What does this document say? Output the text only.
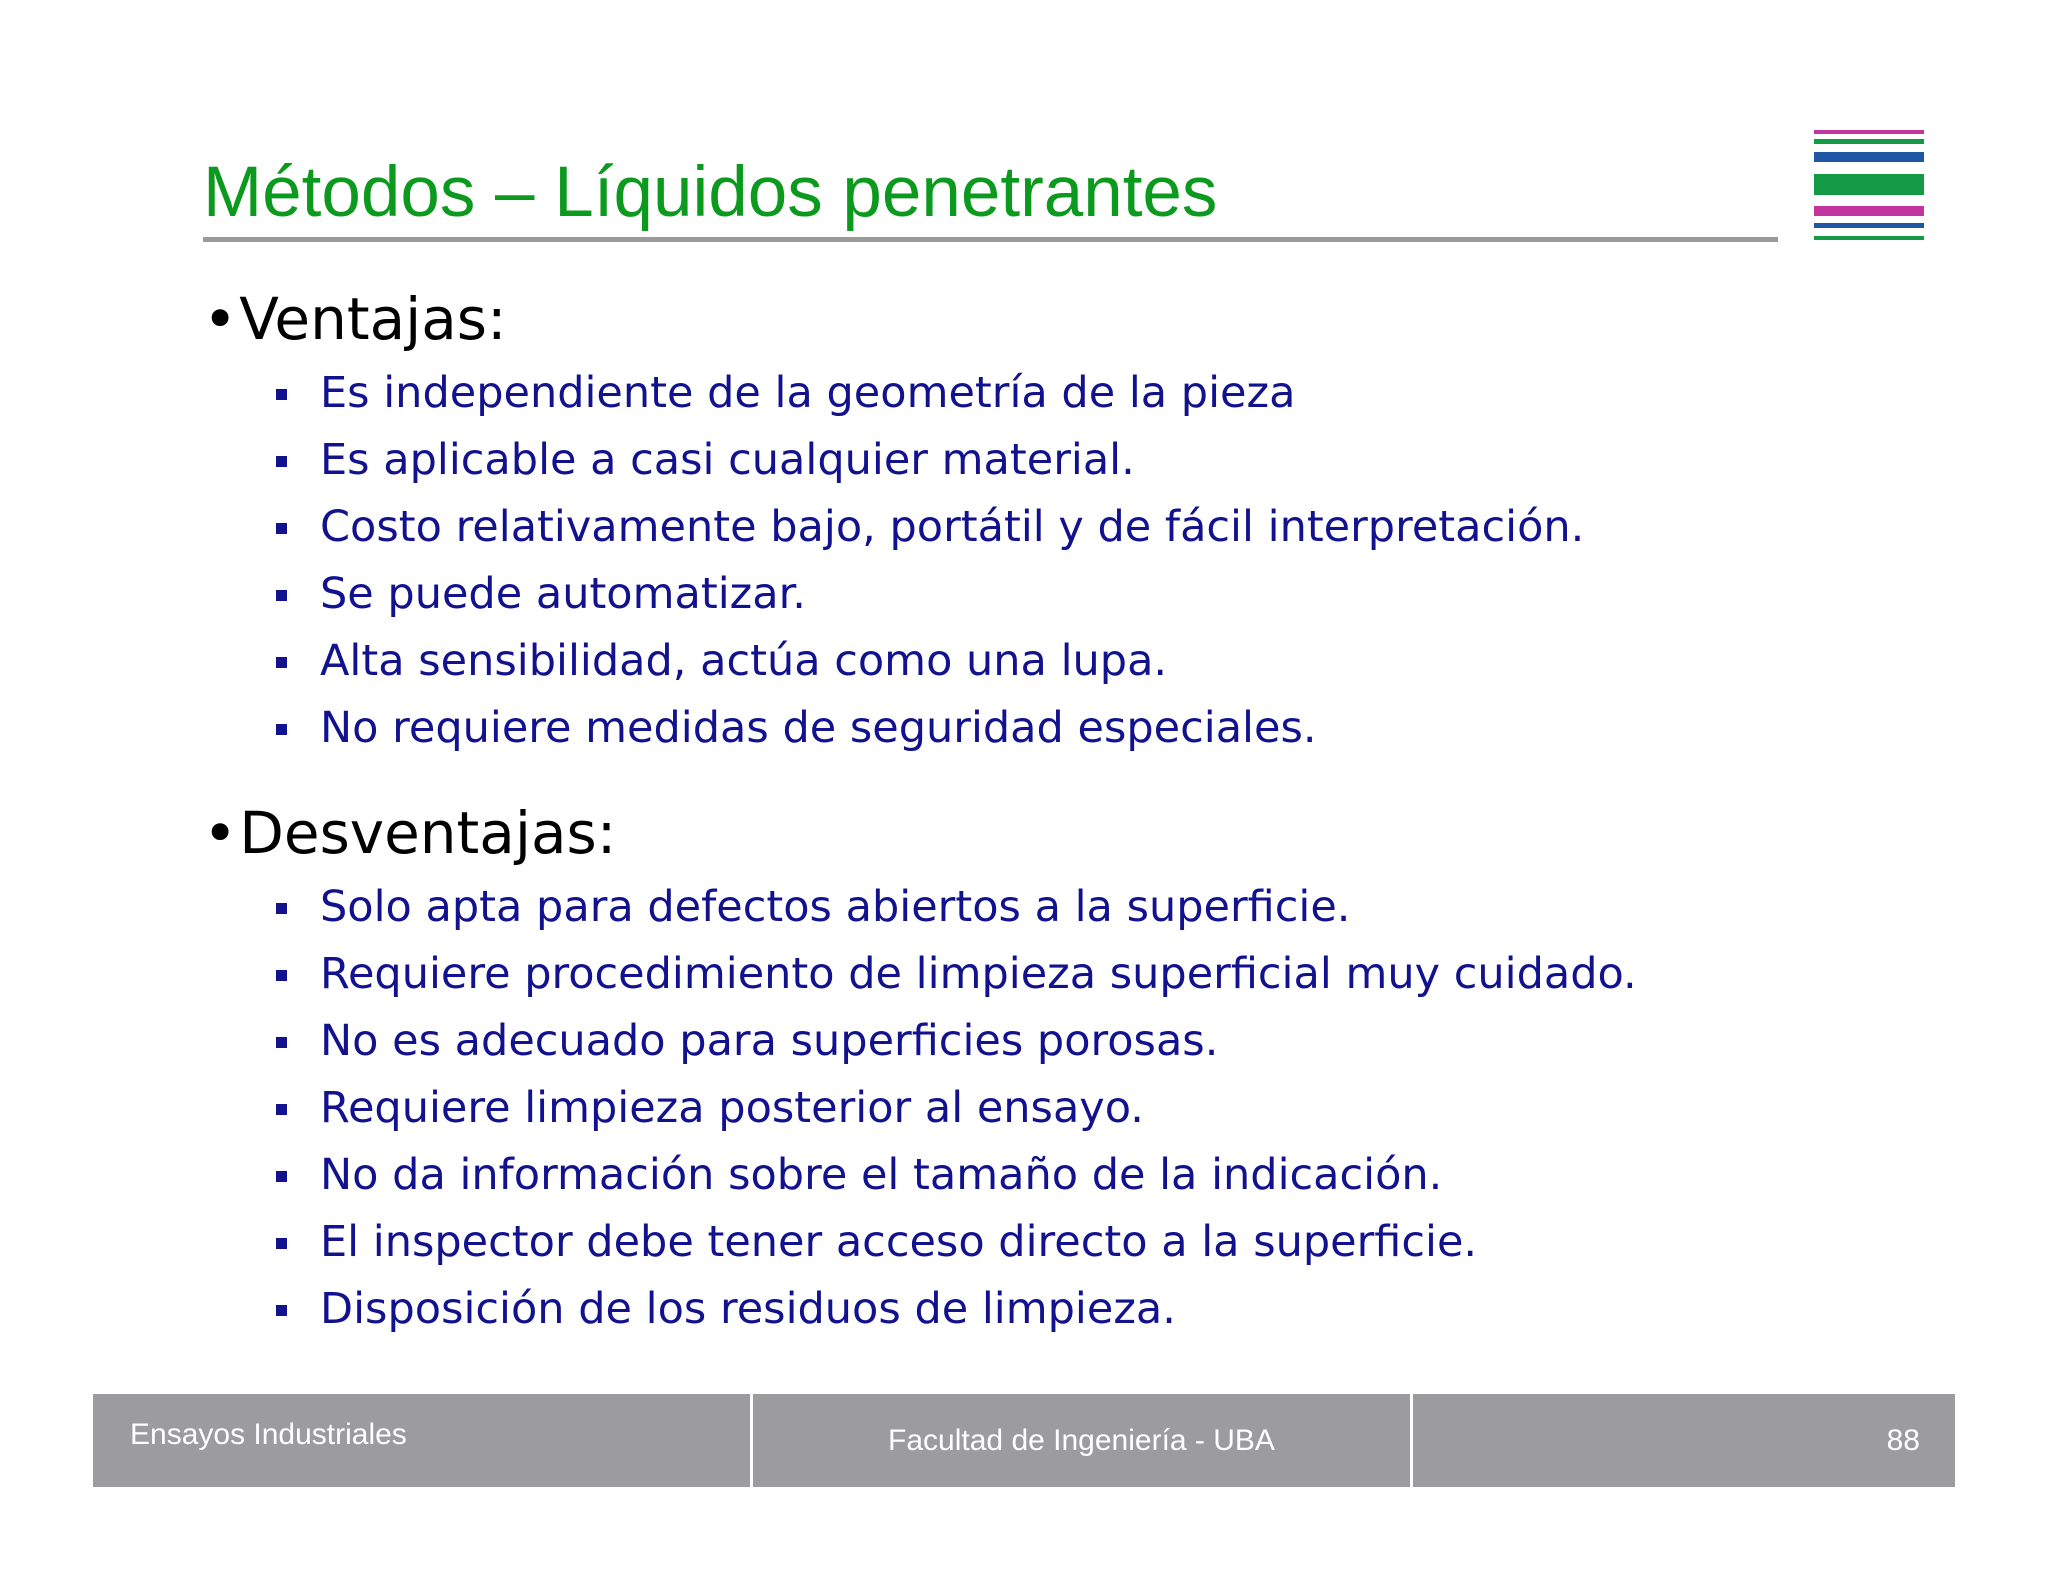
Métodos – Líquidos penetrantes
•Ventajas:
Es independiente de la geometría de la pieza
Es aplicable a casi cualquier material.
Costo relativamente bajo, portátil y de fácil interpretación.
Se puede automatizar.
Alta sensibilidad, actúa como una lupa.
No requiere medidas de seguridad especiales.
•Desventajas:
Solo apta para defectos abiertos a la superficie.
Requiere procedimiento de limpieza superficial muy cuidado.
No es adecuado para superficies porosas.
Requiere limpieza posterior al ensayo.
No da información sobre el tamaño de la indicación.
El inspector debe tener acceso directo a la superficie.
Disposición de los residuos de limpieza.
Ensayos Industriales	Facultad de Ingeniería - UBA	88
